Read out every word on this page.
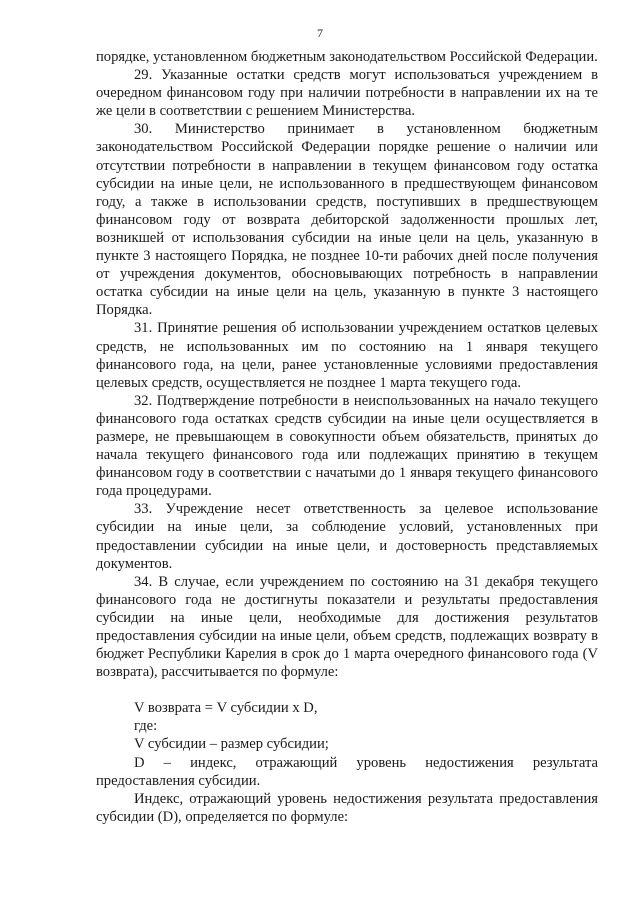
7

порядке, установленном бюджетным законодательством Российской Федерации.

29. Указанные остатки средств могут использоваться учреждением в очередном финансовом году при наличии потребности в направлении их на те же цели в соответствии с решением Министерства.

30. Министерство принимает в установленном бюджетным законодательством Российской Федерации порядке решение о наличии или отсутствии потребности в направлении в текущем финансовом году остатка субсидии на иные цели, не использованного в предшествующем финансовом году, а также в использовании средств, поступивших в предшествующем финансовом году от возврата дебиторской задолженности прошлых лет, возникшей от использования субсидии на иные цели на цель, указанную в пункте 3 настоящего Порядка, не позднее 10-ти рабочих дней после получения от учреждения документов, обосновывающих потребность в направлении остатка субсидии на иные цели на цель, указанную в пункте 3 настоящего Порядка.

31. Принятие решения об использовании учреждением остатков целевых средств, не использованных им по состоянию на 1 января текущего финансового года, на цели, ранее установленные условиями предоставления целевых средств, осуществляется не позднее 1 марта текущего года.

32. Подтверждение потребности в неиспользованных на начало текущего финансового года остатках средств субсидии на иные цели осуществляется в размере, не превышающем в совокупности объем обязательств, принятых до начала текущего финансового года или подлежащих принятию в текущем финансовом году в соответствии с начатыми до 1 января текущего финансового года процедурами.

33. Учреждение несет ответственность за целевое использование субсидии на иные цели, за соблюдение условий, установленных при предоставлении субсидии на иные цели, и достоверность представляемых документов.

34. В случае, если учреждением по состоянию на 31 декабря текущего финансового года не достигнуты показатели и результаты предоставления субсидии на иные цели, необходимые для достижения результатов предоставления субсидии на иные цели, объем средств, подлежащих возврату в бюджет Республики Карелия в срок до 1 марта очередного финансового года (V возврата), рассчитывается по формуле:

V возврата = V субсидии х D,

где:

V субсидии – размер субсидии;

D – индекс, отражающий уровень недостижения результата предоставления субсидии.

Индекс, отражающий уровень недостижения результата предоставления субсидии (D), определяется по формуле:
